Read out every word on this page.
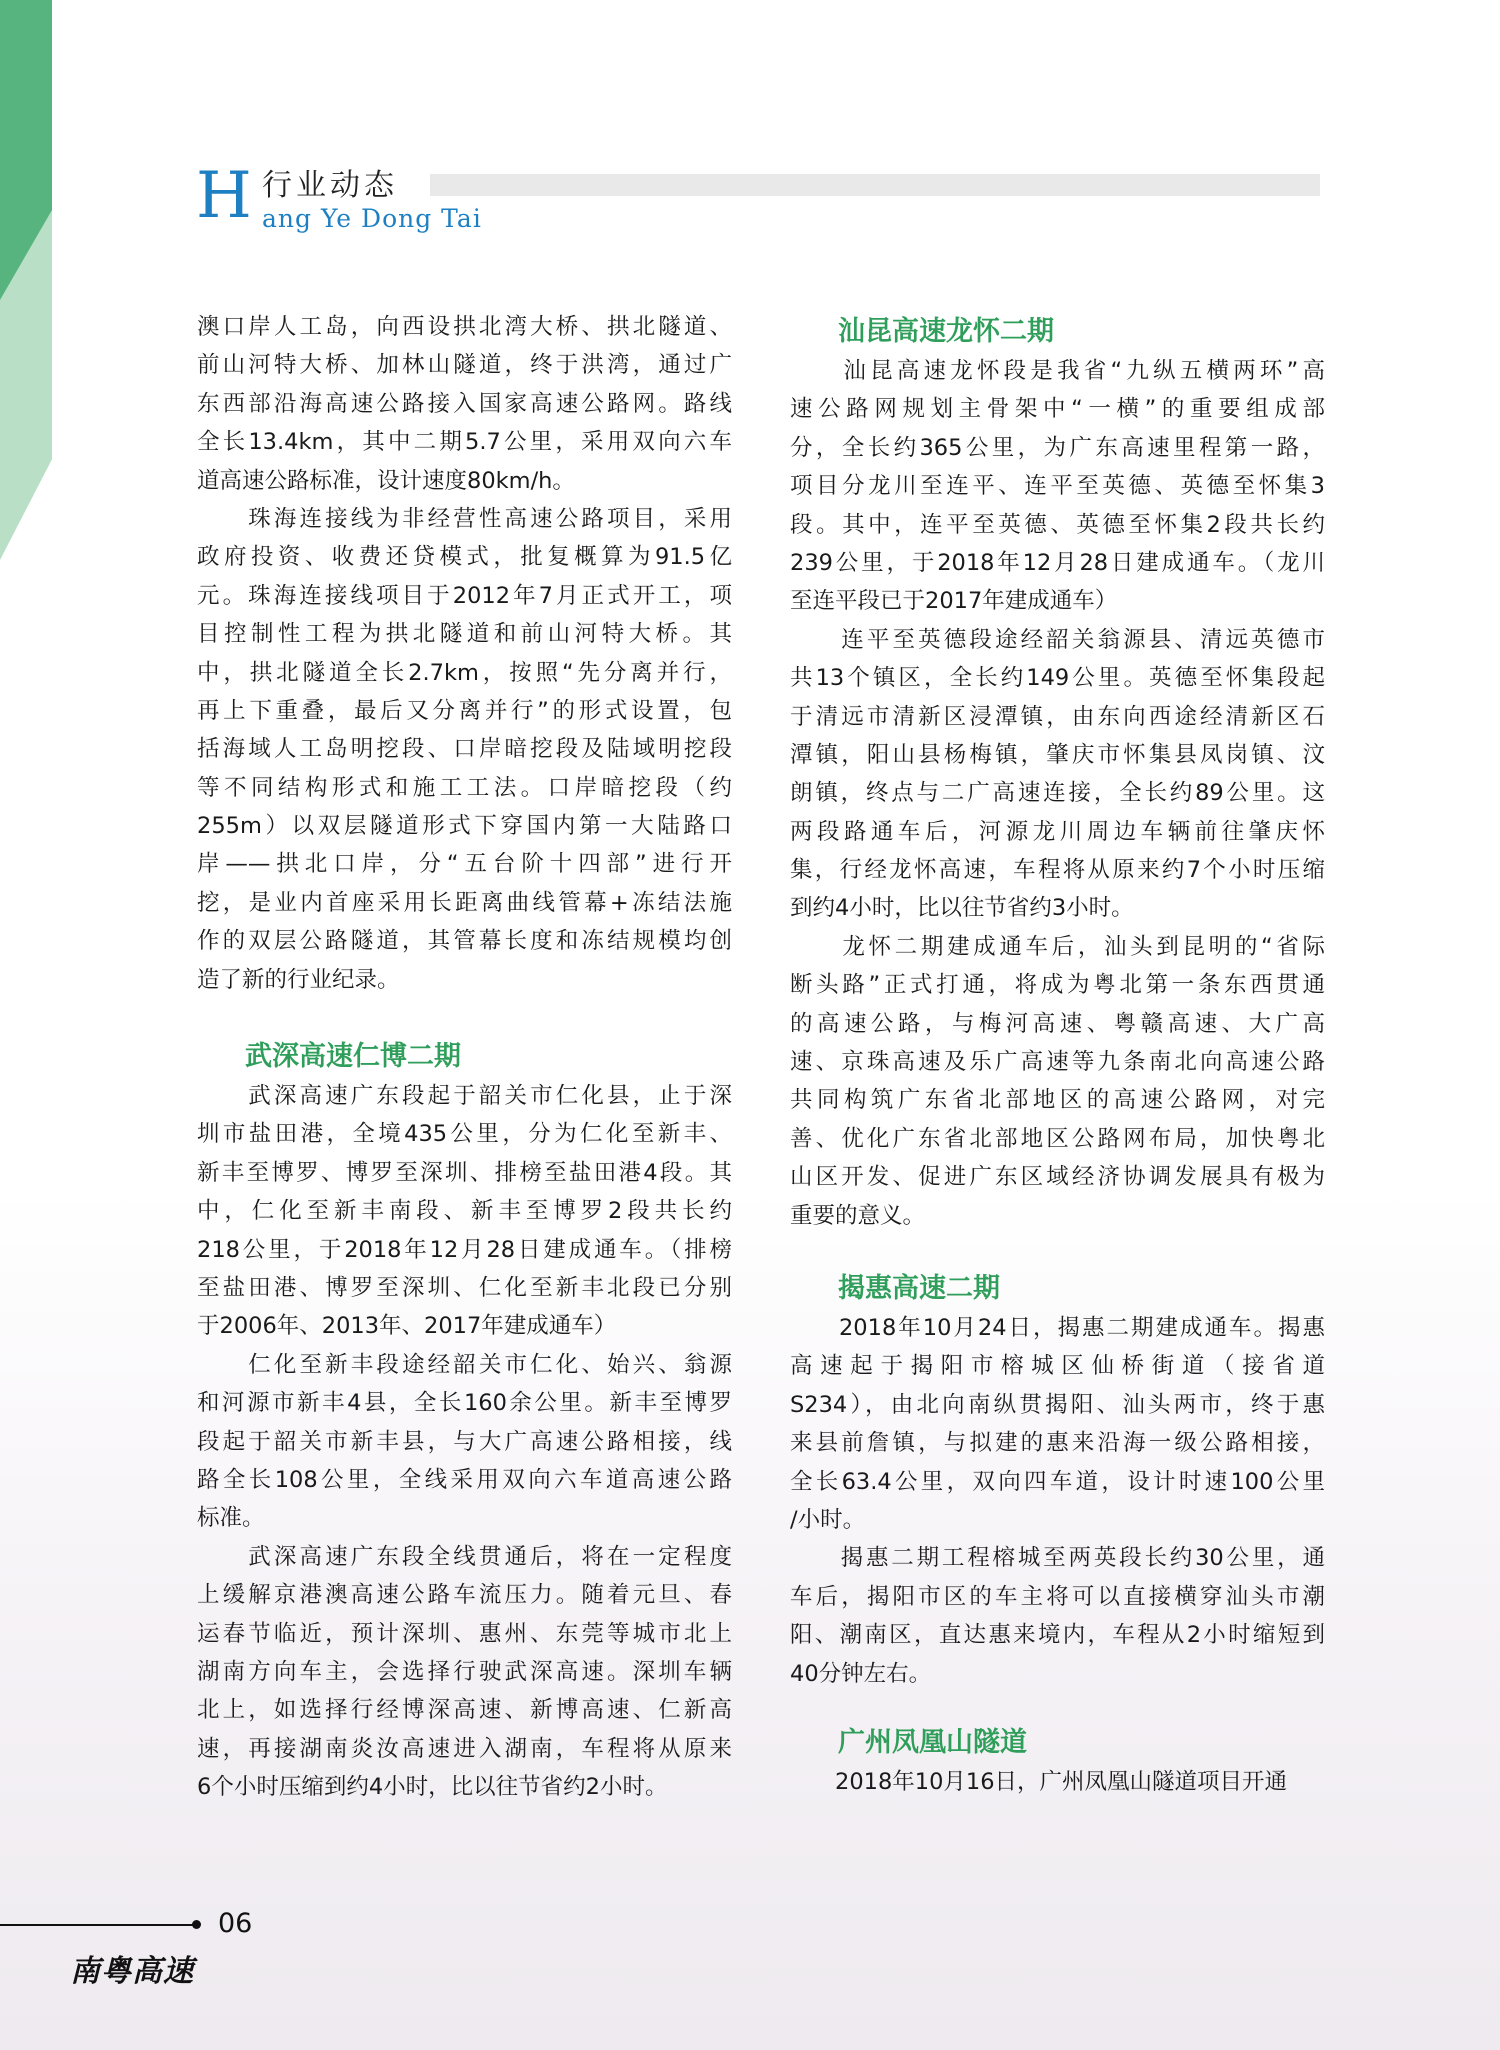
H 行业动态
ang Ye Dong Tai
澳口岸人工岛，向西设拱北湾大桥、拱北隧道、
前山河特大桥、加林山隧道，终于洪湾，通过广
东西部沿海高速公路接入国家高速公路网。路线
全长13.4km，其中二期5.7公里，采用双向六车
道高速公路标准，设计速度80km/h。
　　珠海连接线为非经营性高速公路项目，采用
政府投资、收费还贷模式，批复概算为91.5亿
元。珠海连接线项目于2012年7月正式开工，项
目控制性工程为拱北隧道和前山河特大桥。其
中，拱北隧道全长2.7km，按照“先分离并行，
再上下重叠，最后又分离并行”的形式设置，包
括海域人工岛明挖段、口岸暗挖段及陆域明挖段
等不同结构形式和施工工法。口岸暗挖段（约
255m）以双层隧道形式下穿国内第一大陆路口
岸——拱北口岸，分“五台阶十四部”进行开
挖，是业内首座采用长距离曲线管幕+冻结法施
作的双层公路隧道，其管幕长度和冻结规模均创
造了新的行业纪录。
武深高速仁博二期
　　武深高速广东段起于韶关市仁化县，止于深
圳市盐田港，全境435公里，分为仁化至新丰、
新丰至博罗、博罗至深圳、排榜至盐田港4段。其
中，仁化至新丰南段、新丰至博罗2段共长约
218公里，于2018年12月28日建成通车。（排榜
至盐田港、博罗至深圳、仁化至新丰北段已分别
于2006年、2013年、2017年建成通车）
　　仁化至新丰段途经韶关市仁化、始兴、翁源
和河源市新丰4县，全长160余公里。新丰至博罗
段起于韶关市新丰县，与大广高速公路相接，线
路全长108公里，全线采用双向六车道高速公路
标准。
　　武深高速广东段全线贯通后，将在一定程度
上缓解京港澳高速公路车流压力。随着元旦、春
运春节临近，预计深圳、惠州、东莞等城市北上
湖南方向车主，会选择行驶武深高速。深圳车辆
北上，如选择行经博深高速、新博高速、仁新高
速，再接湖南炎汝高速进入湖南，车程将从原来
6个小时压缩到约4小时，比以往节省约2小时。
汕昆高速龙怀二期
　　汕昆高速龙怀段是我省“九纵五横两环”高
速公路网规划主骨架中“一横”的重要组成部
分，全长约365公里，为广东高速里程第一路，
项目分龙川至连平、连平至英德、英德至怀集3
段。其中，连平至英德、英德至怀集2段共长约
239公里，于2018年12月28日建成通车。（龙川
至连平段已于2017年建成通车）
　　连平至英德段途经韶关翁源县、清远英德市
共13个镇区，全长约149公里。英德至怀集段起
于清远市清新区浸潭镇，由东向西途经清新区石
潭镇，阳山县杨梅镇，肇庆市怀集县凤岗镇、汶
朗镇，终点与二广高速连接，全长约89公里。这
两段路通车后，河源龙川周边车辆前往肇庆怀
集，行经龙怀高速，车程将从原来约7个小时压缩
到约4小时，比以往节省约3小时。
　　龙怀二期建成通车后，汕头到昆明的“省际
断头路”正式打通，将成为粤北第一条东西贯通
的高速公路，与梅河高速、粤赣高速、大广高
速、京珠高速及乐广高速等九条南北向高速公路
共同构筑广东省北部地区的高速公路网，对完
善、优化广东省北部地区公路网布局，加快粤北
山区开发、促进广东区域经济协调发展具有极为
重要的意义。
揭惠高速二期
　　2018年10月24日，揭惠二期建成通车。揭惠
高速起于揭阳市榕城区仙桥街道（接省道
S234），由北向南纵贯揭阳、汕头两市，终于惠
来县前詹镇，与拟建的惠来沿海一级公路相接，
全长63.4公里，双向四车道，设计时速100公里
/小时。
　　揭惠二期工程榕城至两英段长约30公里，通
车后，揭阳市区的车主将可以直接横穿汕头市潮
阳、潮南区，直达惠来境内，车程从2小时缩短到
40分钟左右。
广州凤凰山隧道
　　2018年10月16日，广州凤凰山隧道项目开通
06
南粤高速
